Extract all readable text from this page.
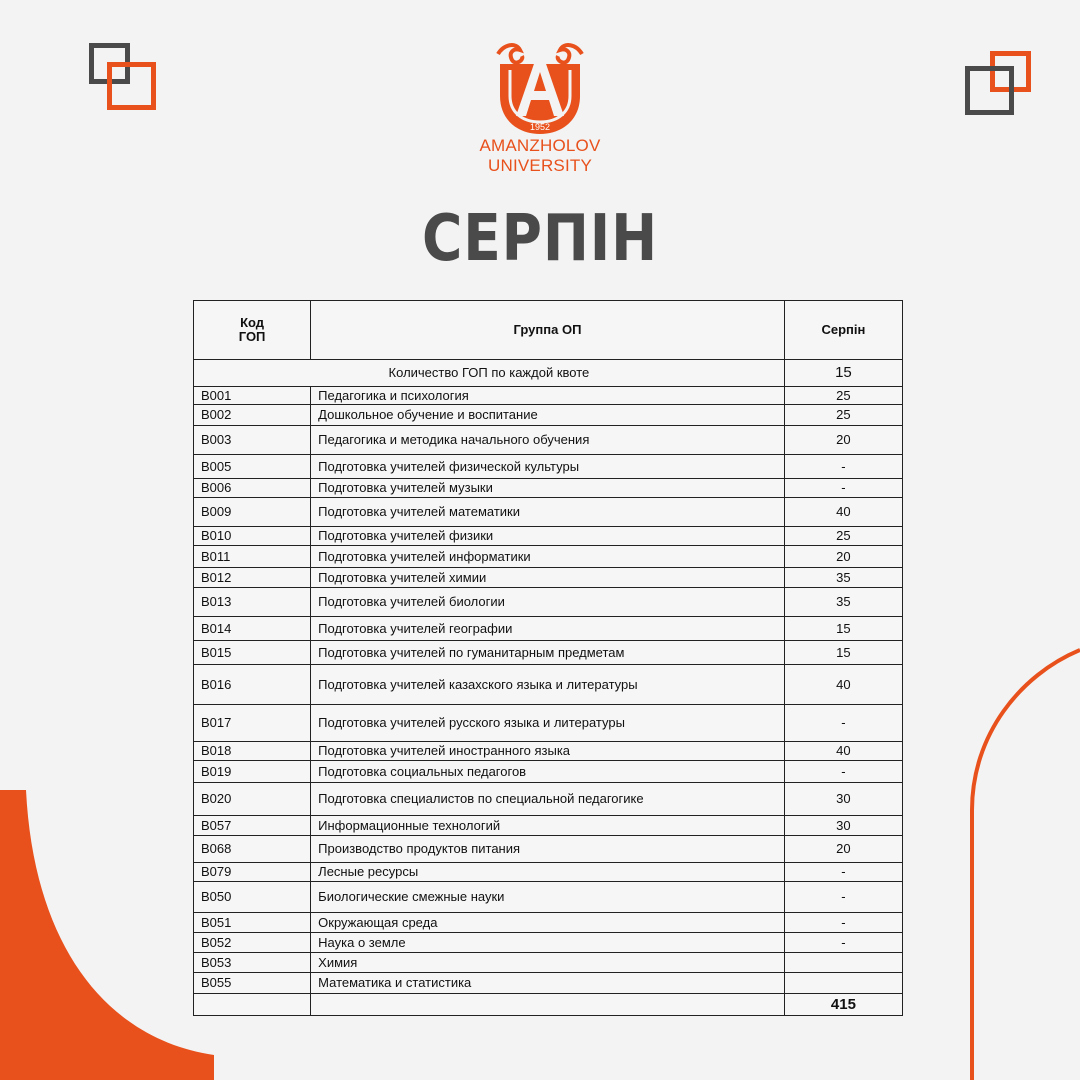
1952
AMANZHOLOV
UNIVERSITY
СЕРПІН
Код ГОП	Группа ОП	Серпін
Количество ГОП по каждой квоте		15
В001	Педагогика и психология	25
В002	Дошкольное обучение и воспитание	25
В003	Педагогика и методика начального обучения	20
В005	Подготовка учителей физической культуры	-
В006	Подготовка учителей музыки	-
В009	Подготовка учителей математики	40
В010	Подготовка учителей физики	25
В011	Подготовка учителей информатики	20
В012	Подготовка учителей химии	35
В013	Подготовка учителей биологии	35
В014	Подготовка учителей географии	15
В015	Подготовка учителей по гуманитарным предметам	15
В016	Подготовка учителей казахского языка и литературы	40
В017	Подготовка учителей русского языка и литературы	-
В018	Подготовка учителей иностранного языка	40
В019	Подготовка социальных педагогов	-
В020	Подготовка специалистов по специальной педагогике	30
В057	Информационные технологий	30
В068	Производство продуктов питания	20
В079	Лесные ресурсы	-
В050	Биологические смежные науки	-
В051	Окружающая среда	-
В052	Наука о земле	-
В053	Химия	
В055	Математика и статистика	
		415
